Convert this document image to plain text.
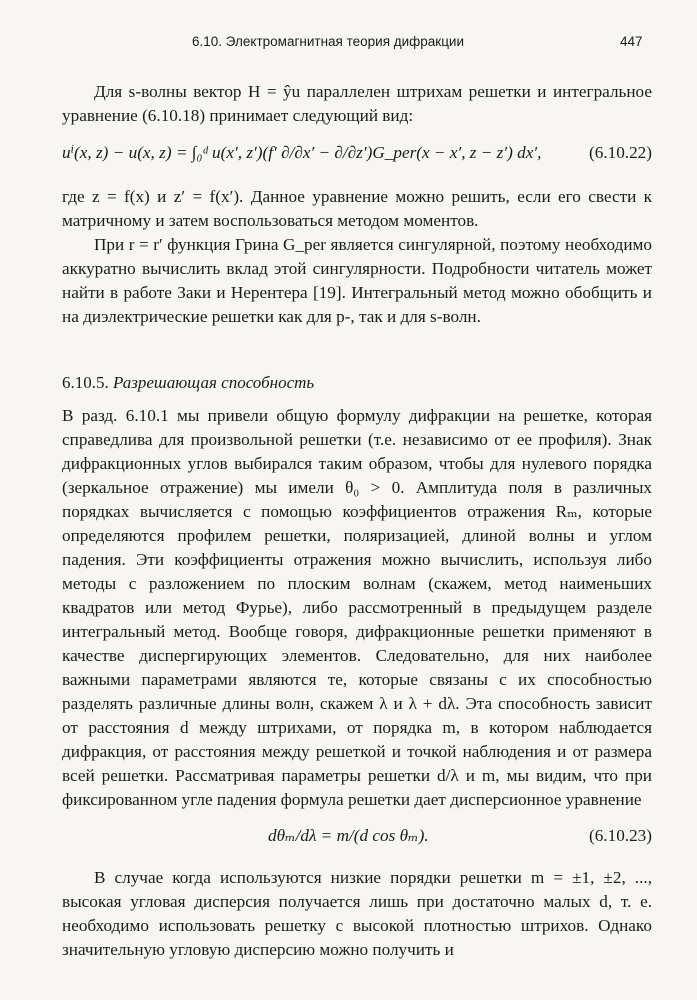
6.10. Электромагнитная теория дифракции	447

Для s-волны вектор H = ŷu параллелен штрихам решетки и интегральное уравнение (6.10.18) принимает следующий вид:

uⁱ(x, z) − u(x, z) = ∫₀ᵈ u(x′, z′)(f′ ∂/∂x′ − ∂/∂z′)G_per(x − x′, z − z′) dx′,	(6.10.22)

где z = f(x) и z′ = f(x′). Данное уравнение можно решить, если его свести к матричному и затем воспользоваться методом моментов.

При r = r′ функция Грина G_per является сингулярной, поэтому необходимо аккуратно вычислить вклад этой сингулярности. Подробности читатель может найти в работе Заки и Нерентера [19]. Интегральный метод можно обобщить и на диэлектрические решетки как для p-, так и для s-волн.

6.10.5. Разрешающая способность

В разд. 6.10.1 мы привели общую формулу дифракции на решетке, которая справедлива для произвольной решетки (т.е. независимо от ее профиля). Знак дифракционных углов выбирался таким образом, чтобы для нулевого порядка (зеркальное отражение) мы имели θ₀ > 0. Амплитуда поля в различных порядках вычисляется с помощью коэффициентов отражения Rₘ, которые определяются профилем решетки, поляризацией, длиной волны и углом падения. Эти коэффициенты отражения можно вычислить, используя либо методы с разложением по плоским волнам (скажем, метод наименьших квадратов или метод Фурье), либо рассмотренный в предыдущем разделе интегральный метод. Вообще говоря, дифракционные решетки применяют в качестве диспергирующих элементов. Следовательно, для них наиболее важными параметрами являются те, которые связаны с их способностью разделять различные длины волн, скажем λ и λ + dλ. Эта способность зависит от расстояния d между штрихами, от порядка m, в котором наблюдается дифракция, от расстояния между решеткой и точкой наблюдения и от размера всей решетки. Рассматривая параметры решетки d/λ и m, мы видим, что при фиксированном угле падения формула решетки дает дисперсионное уравнение

dθₘ/dλ = m/(d cos θₘ).	(6.10.23)

В случае когда используются низкие порядки решетки m = ±1, ±2, ..., высокая угловая дисперсия получается лишь при достаточно малых d, т. е. необходимо использовать решетку с высокой плотностью штрихов. Однако значительную угловую дисперсию можно получить и
